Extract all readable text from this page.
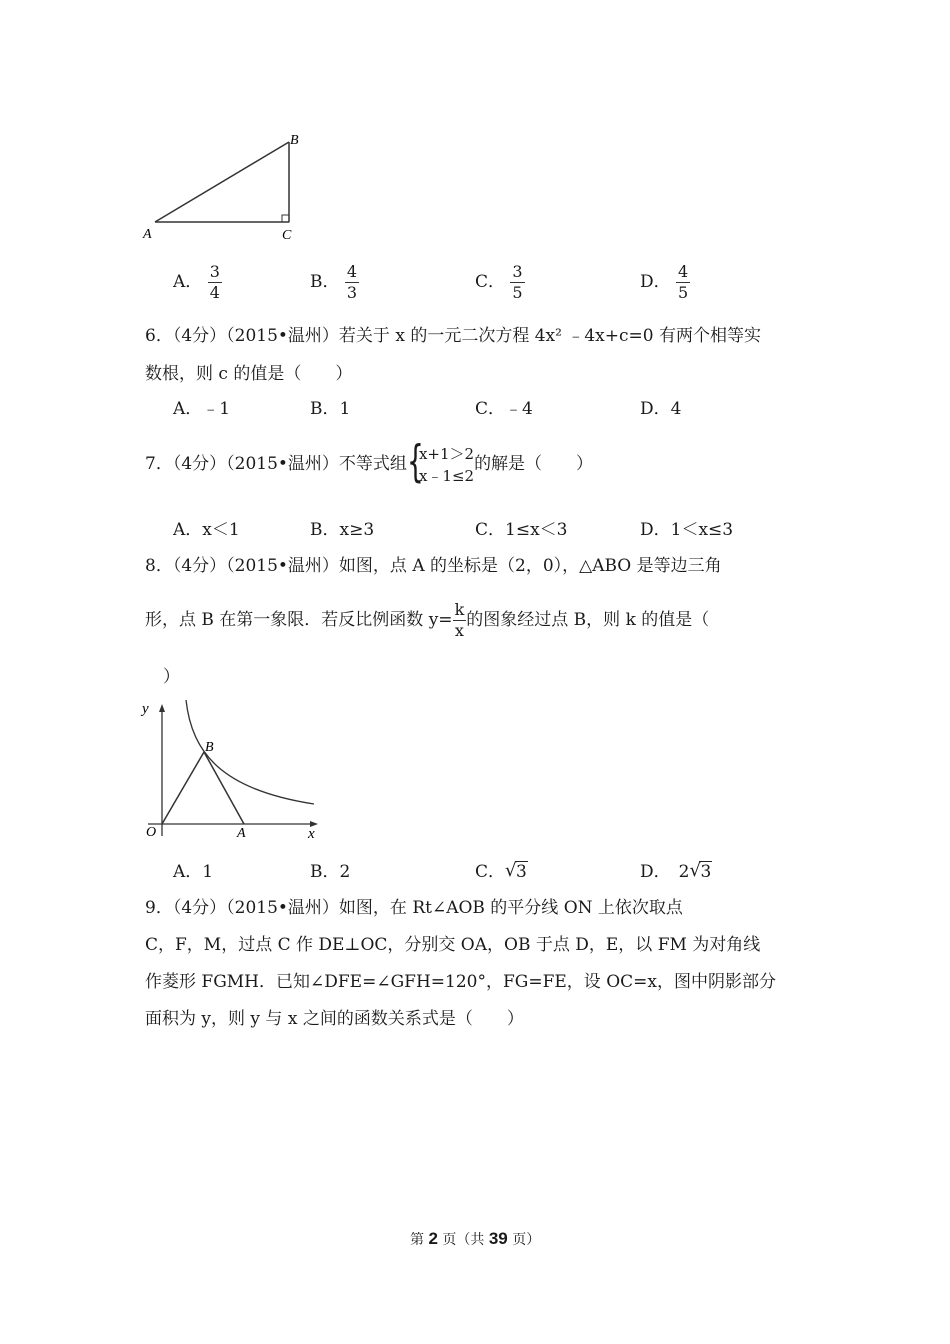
B
A	C
A． $\frac{3}{4}$	B． $\frac{4}{3}$	C． $\frac{3}{5}$	D． $\frac{4}{5}$
6．（4分）（2015•温州）若关于 x 的一元二次方程 4x² ﹣4x+c=0 有两个相等实
数根，则 c 的值是（　　）
A．﹣1	B．1	C．﹣4	D．4
7．（4分）（2015•温州）不等式组 {
x+1＞2
x﹣1≤2
的解是（　　）
A．x＜1	B．x≥3	C．1≤x＜3	D．1＜x≤3
8．（4分）（2015•温州）如图，点 A 的坐标是（2，0），△ABO 是等边三角
形，点 B 在第一象限．若反比例函数 $y= \frac{k}{x}$ 的图象经过点 B，则 k 的值是（
）
y
x
O	A
B
A．1	B．2	C． √ 3	D． 2 √ 3
9．（4分）（2015•温州）如图，在 Rt∠AOB 的平分线 ON 上依次取点
C，F，M，过点 C 作 DE⊥OC，分别交 OA，OB 于点 D，E，以 FM 为对角线
作菱形 FGMH．已知∠DFE=∠GFH=120°，FG=FE，设 OC=x，图中阴影部分
面积为 y，则 y 与 x 之间的函数关系式是（　　）
第 2 页（共 39 页）
